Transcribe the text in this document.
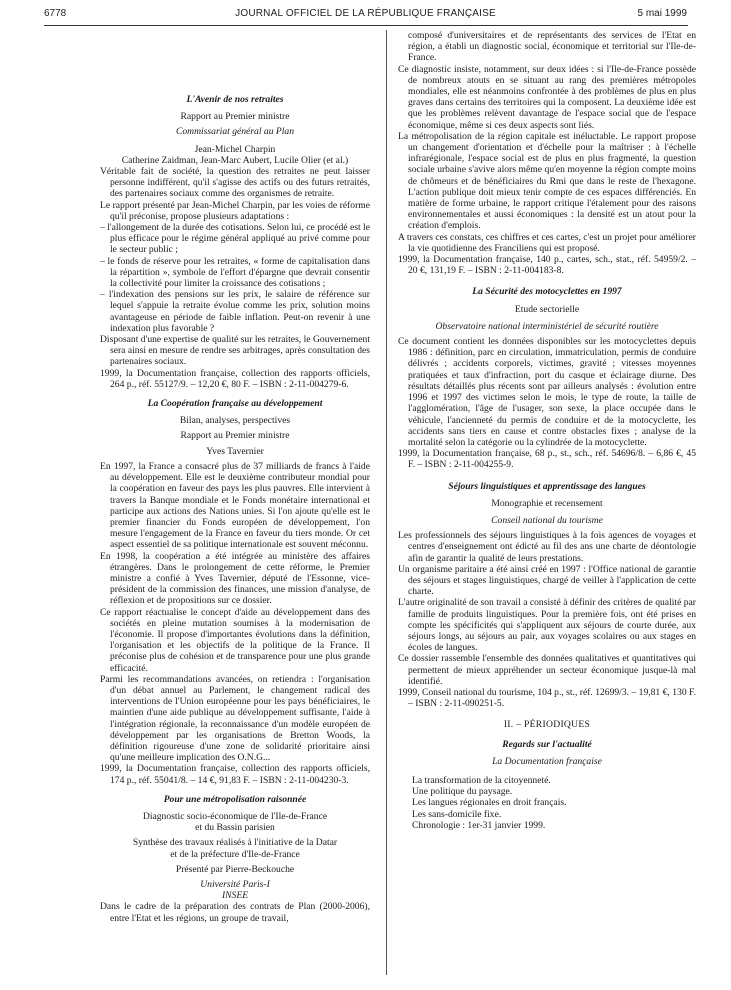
6778	JOURNAL OFFICIEL DE LA RÉPUBLIQUE FRANÇAISE	5 mai 1999

L'Avenir de nos retraites

Rapport au Premier ministre

Commissariat général au Plan

Jean-Michel Charpin

Catherine Zaidman, Jean-Marc Aubert, Lucile Olier (et al.)

Véritable fait de société, la question des retraites ne peut laisser personne indifférent, qu'il s'agisse des actifs ou des futurs retraités, des partenaires sociaux comme des organismes de retraite.

Le rapport présenté par Jean-Michel Charpin, par les voies de réforme qu'il préconise, propose plusieurs adaptations :

– l'allongement de la durée des cotisations. Selon lui, ce procédé est le plus efficace pour le régime général appliqué au privé comme pour le secteur public ;

– le fonds de réserve pour les retraites, « forme de capitalisation dans la répartition », symbole de l'effort d'épargne que devrait consentir la collectivité pour limiter la croissance des cotisations ;

– l'indexation des pensions sur les prix, le salaire de référence sur lequel s'appuie la retraite évolue comme les prix, solution moins avantageuse en période de faible inflation. Peut-on revenir à une indexation plus favorable ?

Disposant d'une expertise de qualité sur les retraites, le Gouvernement sera ainsi en mesure de rendre ses arbitrages, après consultation des partenaires sociaux.

1999, la Documentation française, collection des rapports officiels, 264 p., réf. 55127/9. – 12,20 €, 80 F. – ISBN : 2-11-004279-6.

La Coopération française au développement

Bilan, analyses, perspectives

Rapport au Premier ministre

Yves Tavernier

En 1997, la France a consacré plus de 37 milliards de francs à l'aide au développement. Elle est le deuxième contributeur mondial pour la coopération en faveur des pays les plus pauvres. Elle intervient à travers la Banque mondiale et le Fonds monétaire international et participe aux actions des Nations unies. Si l'on ajoute qu'elle est le premier financier du Fonds européen de développement, l'on mesure l'engagement de la France en faveur du tiers monde. Or cet aspect essentiel de sa politique internationale est souvent méconnu.

En 1998, la coopération a été intégrée au ministère des affaires étrangères. Dans le prolongement de cette réforme, le Premier ministre a confié à Yves Tavernier, député de l'Essonne, vice-président de la commission des finances, une mission d'analyse, de réflexion et de propositions sur ce dossier.

Ce rapport réactualise le concept d'aide au développement dans des sociétés en pleine mutation soumises à la modernisation de l'économie. Il propose d'importantes évolutions dans la définition, l'organisation et les objectifs de la politique de la France. Il préconise plus de cohésion et de transparence pour une plus grande efficacité.

Parmi les recommandations avancées, on retiendra : l'organisation d'un débat annuel au Parlement, le changement radical des interventions de l'Union européenne pour les pays bénéficiaires, le maintien d'une aide publique au développement suffisante, l'aide à l'intégration régionale, la reconnaissance d'un modèle européen de développement par les organisations de Bretton Woods, la définition rigoureuse d'une zone de solidarité prioritaire ainsi qu'une meilleure implication des O.N.G...

1999, la Documentation française, collection des rapports officiels, 174 p., réf. 55041/8. – 14 €, 91,83 F. – ISBN : 2-11-004230-3.

Pour une métropolisation raisonnée

Diagnostic socio-économique de l'Ile-de-France

et du Bassin parisien

Synthèse des travaux réalisés à l'initiative de la Datar

et de la préfecture d'Ile-de-France

Présenté par Pierre-Beckouche

Université Paris-I

INSEE

Dans le cadre de la préparation des contrats de Plan (2000-2006), entre l'Etat et les régions, un groupe de travail,

composé d'universitaires et de représentants des services de l'Etat en région, a établi un diagnostic social, économique et territorial sur l'Ile-de-France.

Ce diagnostic insiste, notamment, sur deux idées : si l'Ile-de-France possède de nombreux atouts en se situant au rang des premières métropoles mondiales, elle est néanmoins confrontée à des problèmes de plus en plus graves dans certains des territoires qui la composent. La deuxième idée est que les problèmes relèvent davantage de l'espace social que de l'espace économique, même si ces deux aspects sont liés.

La métropolisation de la région capitale est inéluctable. Le rapport propose un changement d'orientation et d'échelle pour la maîtriser : à l'échelle infrarégionale, l'espace social est de plus en plus fragmenté, la question sociale urbaine s'avive alors même qu'en moyenne la région compte moins de chômeurs et de bénéficiaires du Rmi que dans le reste de l'hexagone. L'action publique doit mieux tenir compte de ces espaces différenciés. En matière de forme urbaine, le rapport critique l'étalement pour des raisons environnementales et aussi économiques : la densité est un atout pour la création d'emplois.

A travers ces constats, ces chiffres et ces cartes, c'est un projet pour améliorer la vie quotidienne des Franciliens qui est proposé.

1999, la Documentation française, 140 p., cartes, sch., stat., réf. 54959/2. – 20 €, 131,19 F. – ISBN : 2-11-004183-8.

La Sécurité des motocyclettes en 1997

Etude sectorielle

Observatoire national interministériel de sécurité routière

Ce document contient les données disponibles sur les motocyclettes depuis 1986 : définition, parc en circulation, immatriculation, permis de conduire délivrés ; accidents corporels, victimes, gravité ; vitesses moyennes pratiquées et taux d'infraction, port du casque et éclairage diurne. Des résultats détaillés plus récents sont par ailleurs analysés : évolution entre 1996 et 1997 des victimes selon le mois, le type de route, la taille de l'agglomération, l'âge de l'usager, son sexe, la place occupée dans le véhicule, l'ancienneté du permis de conduire et de la motocyclette, les accidents sans tiers en cause et contre obstacles fixes ; analyse de la mortalité selon la catégorie ou la cylindrée de la motocyclette.

1999, la Documentation française, 68 p., st., sch., réf. 54696/8. – 6,86 €, 45 F. – ISBN : 2-11-004255-9.

Séjours linguistiques et apprentissage des langues

Monographie et recensement

Conseil national du tourisme

Les professionnels des séjours linguistiques à la fois agences de voyages et centres d'enseignement ont édicté au fil des ans une charte de déontologie afin de garantir la qualité de leurs prestations.

Un organisme paritaire a été ainsi créé en 1997 : l'Office national de garantie des séjours et stages linguistiques, chargé de veiller à l'application de cette charte.

L'autre originalité de son travail a consisté à définir des critères de qualité par famille de produits linguistiques. Pour la première fois, ont été prises en compte les spécificités qui s'appliquent aux séjours de courte durée, aux séjours longs, au séjours au pair, aux voyages scolaires ou aux stages en écoles de langues.

Ce dossier rassemble l'ensemble des données qualitatives et quantitatives qui permettent de mieux appréhender un secteur économique jusque-là mal identifié.

1999, Conseil national du tourisme, 104 p., st., réf. 12699/3. – 19,81 €, 130 F. – ISBN : 2-11-090251-5.

II. – PÉRIODIQUES

Regards sur l'actualité

La Documentation française

La transformation de la citoyenneté.

Une politique du paysage.

Les langues régionales en droit français.

Les sans-domicile fixe.

Chronologie : 1er-31 janvier 1999.
